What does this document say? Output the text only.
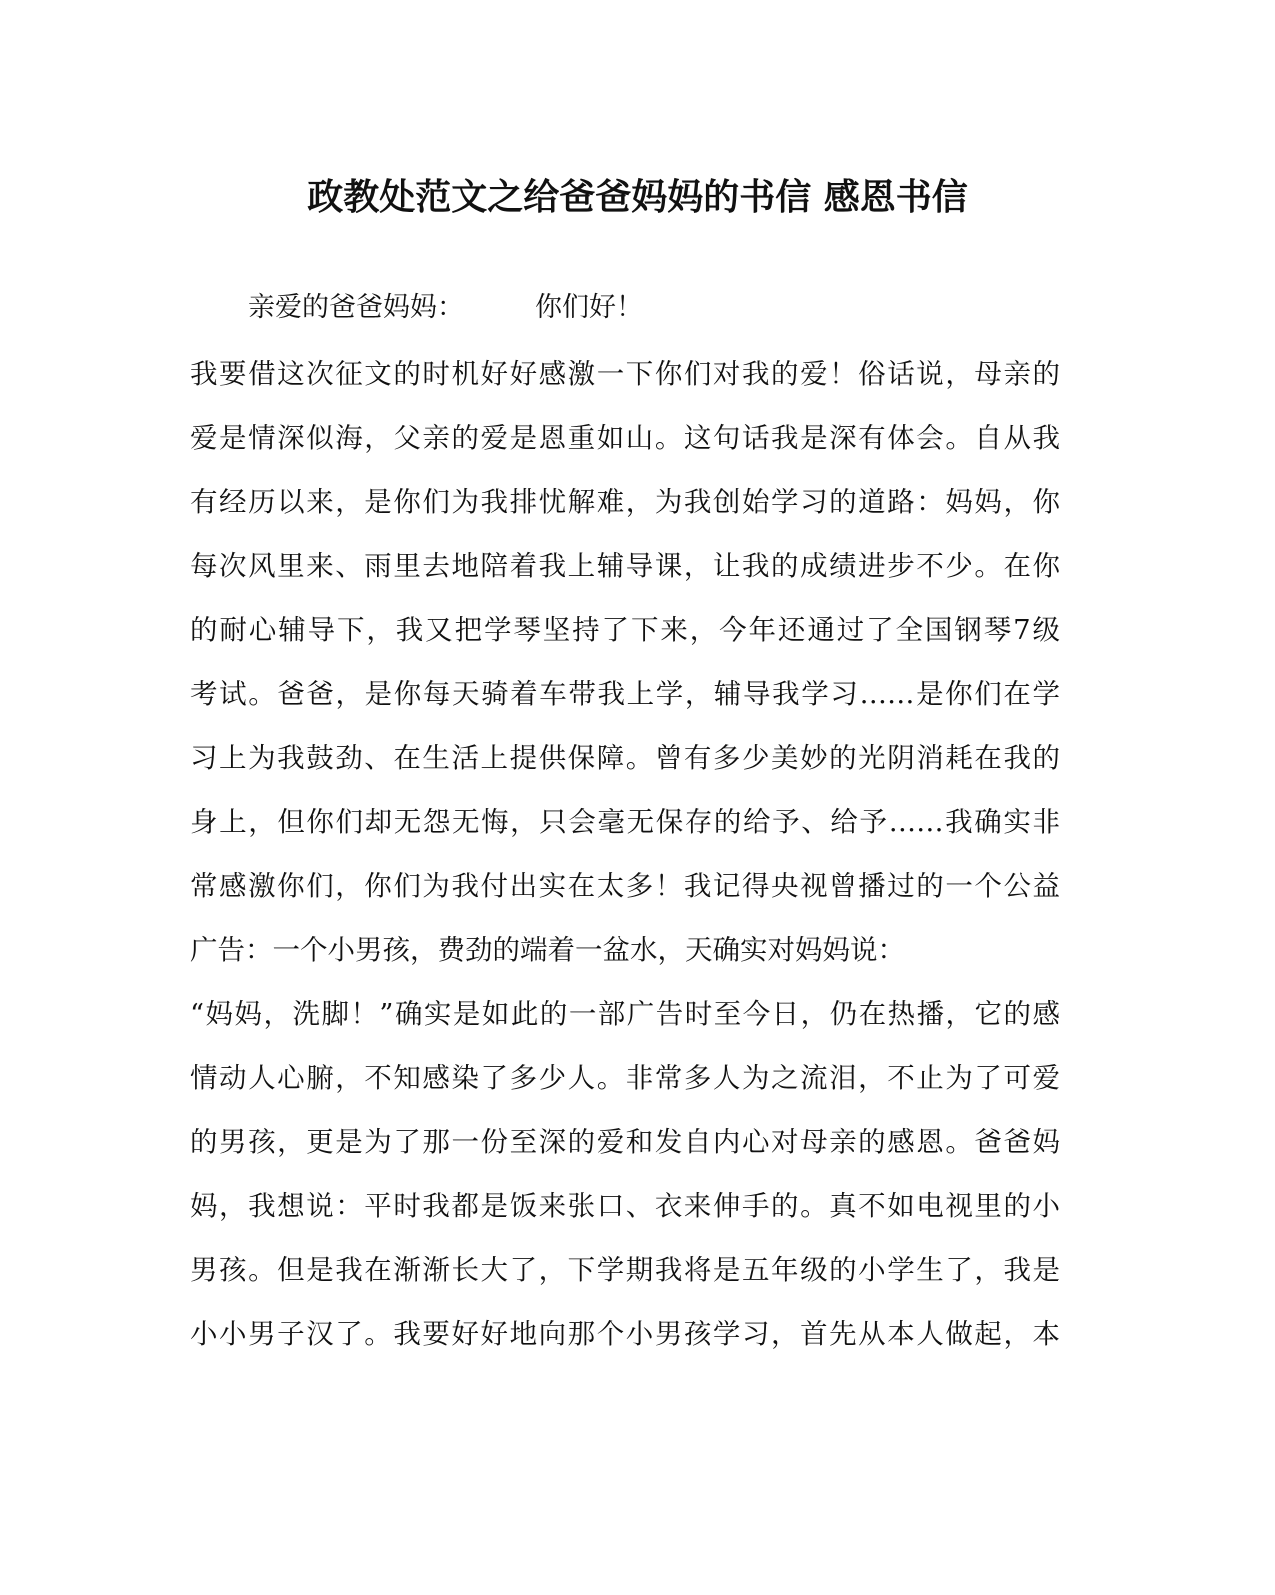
政教处范文之给爸爸妈妈的书信 感恩书信
亲爱的爸爸妈妈：	你们好！
我要借这次征文的时机好好感激一下你们对我的爱！俗话说，母亲的
爱是情深似海，父亲的爱是恩重如山。这句话我是深有体会。自从我
有经历以来，是你们为我排忧解难，为我创始学习的道路：妈妈，你
每次风里来、雨里去地陪着我上辅导课，让我的成绩进步不少。在你
的耐心辅导下，我又把学琴坚持了下来，今年还通过了全国钢琴7级
考试。爸爸，是你每天骑着车带我上学，辅导我学习……是你们在学
习上为我鼓劲、在生活上提供保障。曾有多少美妙的光阴消耗在我的
身上，但你们却无怨无悔，只会毫无保存的给予、给予……我确实非
常感激你们，你们为我付出实在太多！我记得央视曾播过的一个公益
广告：一个小男孩，费劲的端着一盆水，天确实对妈妈说：
“妈妈，洗脚！”确实是如此的一部广告时至今日，仍在热播，它的感
情动人心腑，不知感染了多少人。非常多人为之流泪，不止为了可爱
的男孩，更是为了那一份至深的爱和发自内心对母亲的感恩。爸爸妈
妈，我想说：平时我都是饭来张口、衣来伸手的。真不如电视里的小
男孩。但是我在渐渐长大了，下学期我将是五年级的小学生了，我是
小小男子汉了。我要好好地向那个小男孩学习，首先从本人做起，本
